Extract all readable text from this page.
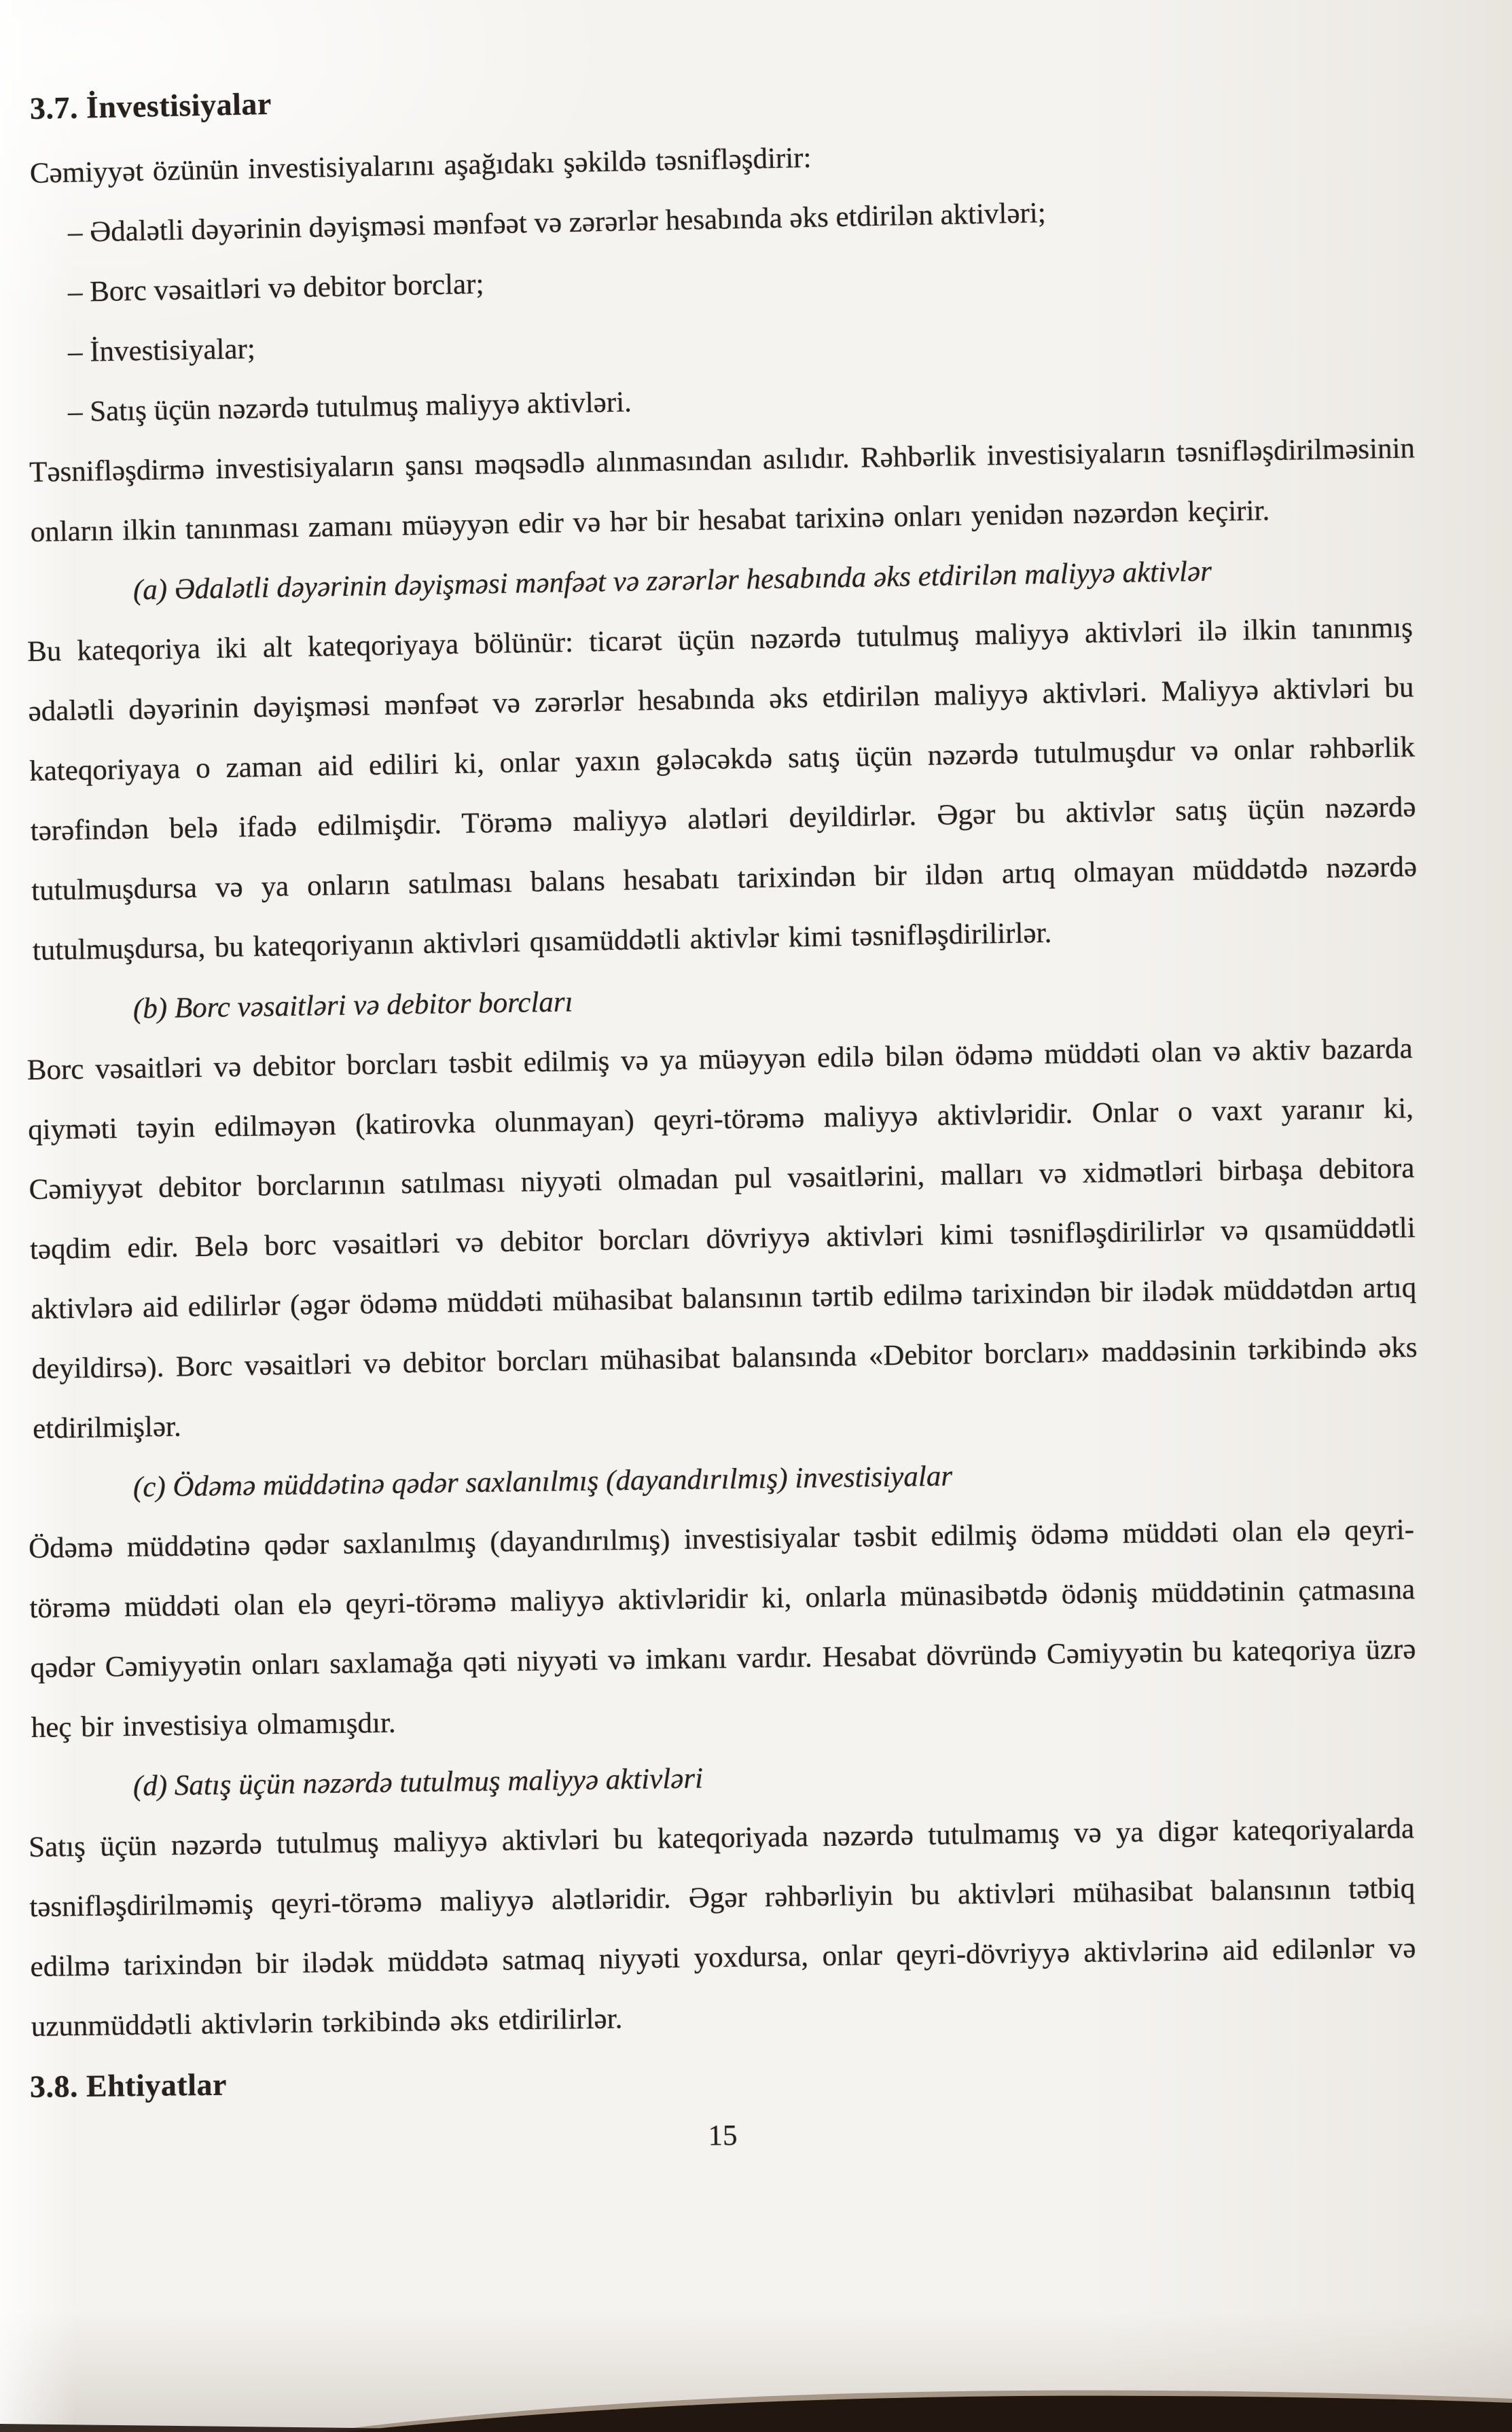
3.7. İnvestisiyalar
Cəmiyyət özünün investisiyalarını aşağıdakı şəkildə təsnifləşdirir:
– Ədalətli dəyərinin dəyişməsi mənfəət və zərərlər hesabında əks etdirilən aktivləri;
– Borc vəsaitləri və debitor borclar;
– İnvestisiyalar;
– Satış üçün nəzərdə tutulmuş maliyyə aktivləri.
Təsnifləşdirmə investisiyaların şansı məqsədlə alınmasından asılıdır. Rəhbərlik investisiyaların təsnifləşdirilməsinin onların ilkin tanınması zamanı müəyyən edir və hər bir hesabat tarixinə onları yenidən nəzərdən keçirir.
(a) Ədalətli dəyərinin dəyişməsi mənfəət və zərərlər hesabında əks etdirilən maliyyə aktivlər
Bu kateqoriya iki alt kateqoriyaya bölünür: ticarət üçün nəzərdə tutulmuş maliyyə aktivləri ilə ilkin tanınmış ədalətli dəyərinin dəyişməsi mənfəət və zərərlər hesabında əks etdirilən maliyyə aktivləri. Maliyyə aktivləri bu kateqoriyaya o zaman aid ediliri ki, onlar yaxın gələcəkdə satış üçün nəzərdə tutulmuşdur və onlar rəhbərlik tərəfindən belə ifadə edilmişdir. Törəmə maliyyə alətləri deyildirlər. Əgər bu aktivlər satış üçün nəzərdə tutulmuşdursa və ya onların satılması balans hesabatı tarixindən bir ildən artıq olmayan müddətdə nəzərdə tutulmuşdursa, bu kateqoriyanın aktivləri qısamüddətli aktivlər kimi təsnifləşdirilirlər.
(b) Borc vəsaitləri və debitor borcları
Borc vəsaitləri və debitor borcları təsbit edilmiş və ya müəyyən edilə bilən ödəmə müddəti olan və aktiv bazarda qiyməti təyin edilməyən (katirovka olunmayan) qeyri-törəmə maliyyə aktivləridir. Onlar o vaxt yaranır ki, Cəmiyyət debitor borclarının satılması niyyəti olmadan pul vəsaitlərini, malları və xidmətləri birbaşa debitora təqdim edir. Belə borc vəsaitləri və debitor borcları dövriyyə aktivləri kimi təsnifləşdirilirlər və qısamüddətli aktivlərə aid edilirlər (əgər ödəmə müddəti mühasibat balansının tərtib edilmə tarixindən bir ilədək müddətdən artıq deyildirsə). Borc vəsaitləri və debitor borcları mühasibat balansında «Debitor borcları» maddəsinin tərkibində əks etdirilmişlər.
(c) Ödəmə müddətinə qədər saxlanılmış (dayandırılmış) investisiyalar
Ödəmə müddətinə qədər saxlanılmış (dayandırılmış) investisiyalar təsbit edilmiş ödəmə müddəti olan elə qeyri-törəmə müddəti olan elə qeyri-törəmə maliyyə aktivləridir ki, onlarla münasibətdə ödəniş müddətinin çatmasına qədər Cəmiyyətin onları saxlamağa qəti niyyəti və imkanı vardır. Hesabat dövründə Cəmiyyətin bu kateqoriya üzrə heç bir investisiya olmamışdır.
(d) Satış üçün nəzərdə tutulmuş maliyyə aktivləri
Satış üçün nəzərdə tutulmuş maliyyə aktivləri bu kateqoriyada nəzərdə tutulmamış və ya digər kateqoriyalarda təsnifləşdirilməmiş qeyri-törəmə maliyyə alətləridir. Əgər rəhbərliyin bu aktivləri mühasibat balansının tətbiq edilmə tarixindən bir ilədək müddətə satmaq niyyəti yoxdursa, onlar qeyri-dövriyyə aktivlərinə aid edilənlər və uzunmüddətli aktivlərin tərkibində əks etdirilirlər.
3.8. Ehtiyatlar
15
